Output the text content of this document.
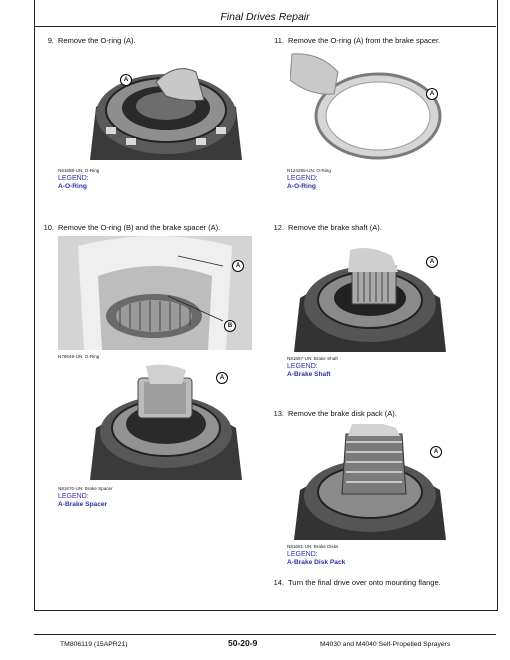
Final Drives Repair
9. Remove the O-ring (A).
A
N81688-UN: O-Ring
LEGEND:
A-O-Ring
10. Remove the O-ring (B) and the brake spacer (A).
A
B
N79649-UN: O-Ring
A
N81670-UN: Brake Spacer
LEGEND:
A-Brake Spacer
11. Remove the O-ring (A) from the brake spacer.
A
N124285-UN: O-Ring
LEGEND:
A-O-Ring
12. Remove the brake shaft (A).
A
N81667-UN: Brake Shaft
LEGEND:
A-Brake Shaft
13. Remove the brake disk pack (A).
A
N81681-UN: Brake Disks
LEGEND:
A-Brake Disk Pack
14. Turn the final drive over onto mounting flange.
TM806119 (15APR21)	50-20-9	M4030 and M4040 Self-Propelled Sprayers
